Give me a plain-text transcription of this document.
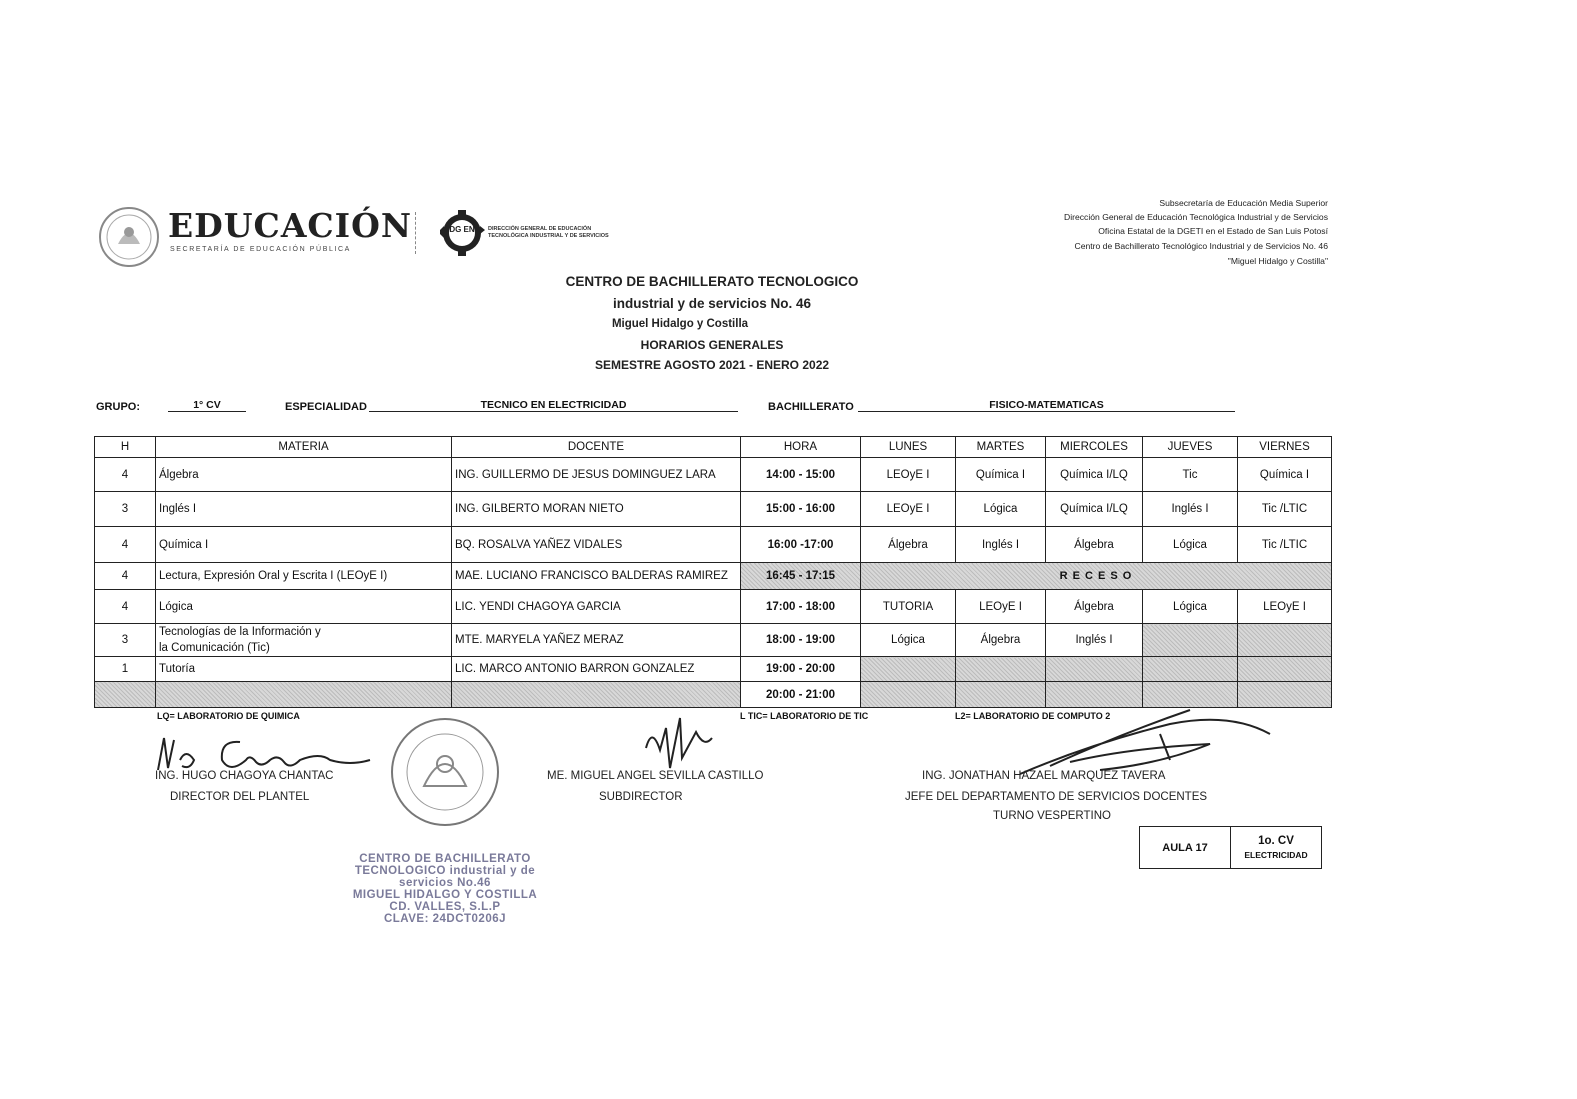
EDUCACIÓN
SECRETARÍA DE EDUCACIÓN PÚBLICA
DG EN DIRECCIÓN GENERAL DE EDUCACIÓN
TECNOLÓGICA INDUSTRIAL Y DE SERVICIOS
Subsecretaría de Educación Media Superior
Dirección General de Educación Tecnológica Industrial y de Servicios
Oficina Estatal de la DGETI en el Estado de San Luis Potosí
Centro de Bachillerato Tecnológico Industrial y de Servicios No. 46
"Miguel Hidalgo y Costilla"
CENTRO DE BACHILLERATO TECNOLOGICO
industrial y de servicios No. 46
Miguel Hidalgo y Costilla
HORARIOS GENERALES
SEMESTRE AGOSTO 2021 - ENERO 2022
GRUPO:	1° CV	ESPECIALIDAD	TECNICO EN ELECTRICIDAD	BACHILLERATO	FISICO-MATEMATICAS
H	MATERIA	DOCENTE	HORA	LUNES	MARTES	MIERCOLES	JUEVES	VIERNES
4	Álgebra	ING. GUILLERMO DE JESUS DOMINGUEZ LARA	14:00 - 15:00	LEOyE I	Química I	Química I/LQ	Tic	Química I
3	Inglés I	ING. GILBERTO MORAN NIETO	15:00 - 16:00	LEOyE I	Lógica	Química I/LQ	Inglés I	Tic /LTIC
4	Química I	BQ. ROSALVA YAÑEZ VIDALES	16:00 -17:00	Álgebra	Inglés I	Álgebra	Lógica	Tic /LTIC
4	Lectura, Expresión Oral y Escrita I (LEOyE I)	MAE. LUCIANO FRANCISCO BALDERAS RAMIREZ	16:45 - 17:15	R E C E S O				
4	Lógica	LIC. YENDI CHAGOYA GARCIA	17:00 - 18:00	TUTORIA	LEOyE I	Álgebra	Lógica	LEOyE I
3	Tecnologías de la Información y
la Comunicación (Tic)	MTE. MARYELA YAÑEZ MERAZ	18:00 - 19:00	Lógica	Álgebra	Inglés I		
1	Tutoría	LIC. MARCO ANTONIO BARRON GONZALEZ	19:00 - 20:00					
			20:00 - 21:00					
LQ= LABORATORIO DE QUIMICA	L TIC= LABORATORIO DE TIC	L2= LABORATORIO DE COMPUTO 2
ING. HUGO CHAGOYA CHANTAC
DIRECTOR DEL PLANTEL
ME. MIGUEL ANGEL SEVILLA CASTILLO
SUBDIRECTOR
ING. JONATHAN HAZAEL MARQUEZ TAVERA
JEFE DEL DEPARTAMENTO DE SERVICIOS DOCENTES
TURNO VESPERTINO
AULA 17	
1o. CV
ELECTRICIDAD
CENTRO DE BACHILLERATO
TECNOLOGICO industrial y de
servicios No.46
MIGUEL HIDALGO Y COSTILLA
CD. VALLES, S.L.P
CLAVE: 24DCT0206J
